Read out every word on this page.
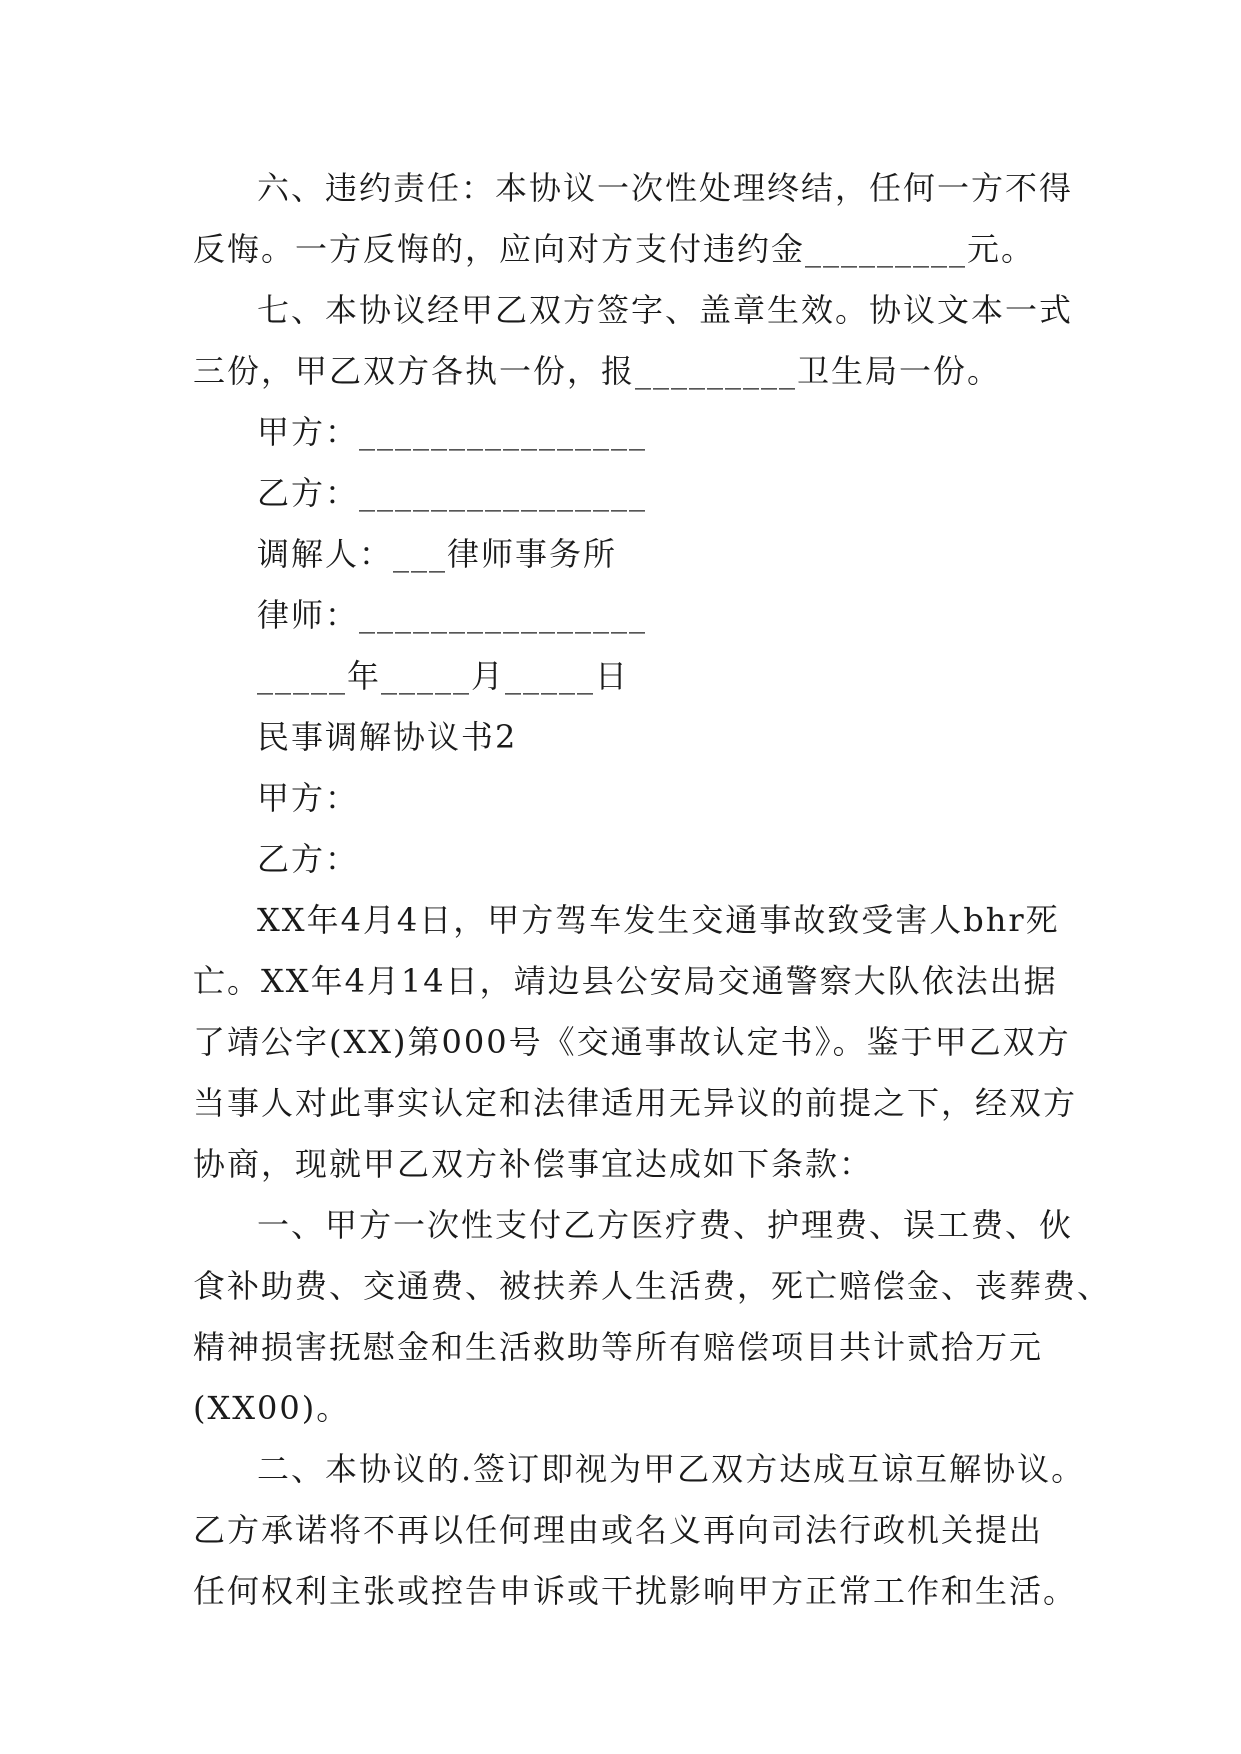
六、违约责任：本协议一次性处理终结，任何一方不得

反悔。一方反悔的，应向对方支付违约金_________元。

七、本协议经甲乙双方签字、盖章生效。协议文本一式

三份，甲乙双方各执一份，报_________卫生局一份。

甲方：________________

乙方：________________

调解人：___律师事务所

律师：________________

_____年_____月_____日

民事调解协议书2

甲方：

乙方：

XX年4月4日，甲方驾车发生交通事故致受害人bhr死

亡。XX年4月14日，靖边县公安局交通警察大队依法出据

了靖公字(XX)第000号《交通事故认定书》。鉴于甲乙双方

当事人对此事实认定和法律适用无异议的前提之下，经双方

协商，现就甲乙双方补偿事宜达成如下条款：

一、甲方一次性支付乙方医疗费、护理费、误工费、伙

食补助费、交通费、被扶养人生活费，死亡赔偿金、丧葬费、

精神损害抚慰金和生活救助等所有赔偿项目共计贰拾万元

(XX00)。

二、本协议的.签订即视为甲乙双方达成互谅互解协议。

乙方承诺将不再以任何理由或名义再向司法行政机关提出

任何权利主张或控告申诉或干扰影响甲方正常工作和生活。
